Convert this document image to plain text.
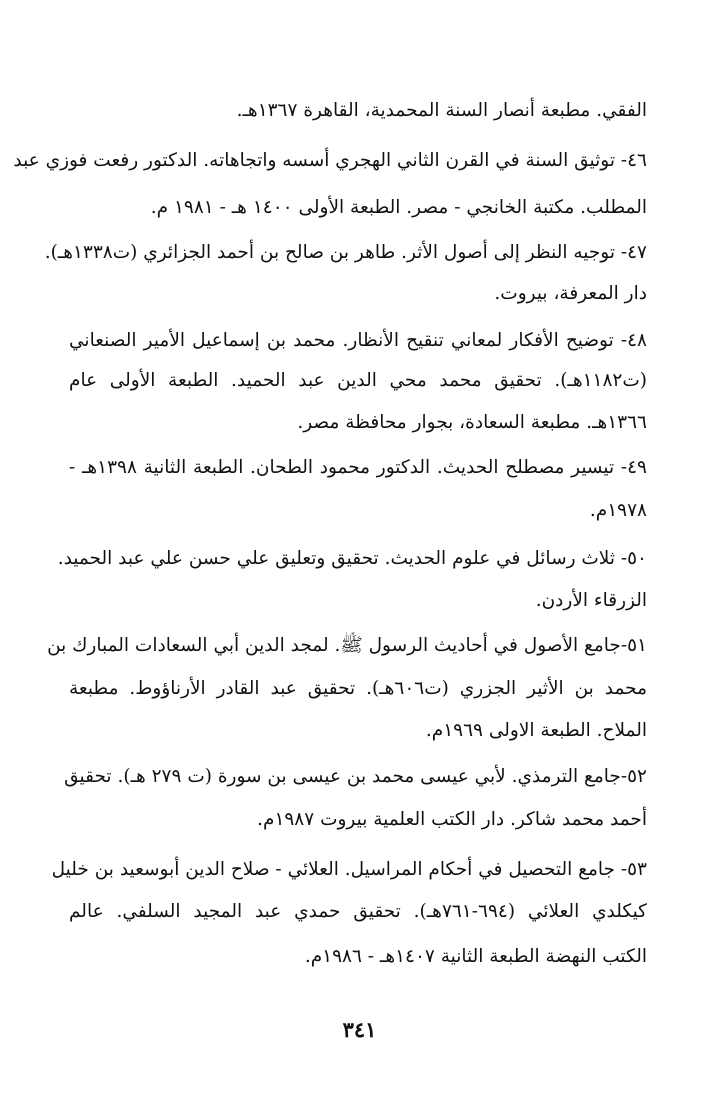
الفقي. مطبعة أنصار السنة المحمدية، القاهرة ١٣٦٧هـ.
٤٦- توثيق السنة في القرن الثاني الهجري أسسه واتجاهاته. الدكتور رفعت فوزي عبد
المطلب. مكتبة الخانجي - مصر. الطبعة الأولى ١٤٠٠ هـ - ١٩٨١ م.
٤٧- توجيه النظر إلى أصول الأثر. طاهر بن صالح بن أحمد الجزائري (ت١٣٣٨هـ).
دار المعرفة، بيروت.
٤٨- توضيح الأفكار لمعاني تنقيح الأنظار. محمد بن إسماعيل الأمير الصنعاني
(ت١١٨٢هـ). تحقيق محمد محي الدين عبد الحميد. الطبعة الأولى عام
١٣٦٦هـ. مطبعة السعادة، بجوار محافظة مصر.
٤٩- تيسير مصطلح الحديث. الدكتور محمود الطحان. الطبعة الثانية ١٣٩٨هـ -
١٩٧٨م.
٥٠- ثلاث رسائل في علوم الحديث. تحقيق وتعليق علي حسن علي عبد الحميد.
الزرقاء الأردن.
٥١-جامع الأصول في أحاديث الرسول ﷺ. لمجد الدين أبي السعادات المبارك بن
محمد بن الأثير الجزري (ت٦٠٦هـ). تحقيق عبد القادر الأرناؤوط. مطبعة
الملاح. الطبعة الاولى ١٩٦٩م.
٥٢-جامع الترمذي. لأبي عيسى محمد بن عيسى بن سورة (ت ٢٧٩ هـ). تحقيق
أحمد محمد شاكر. دار الكتب العلمية بيروت ١٩٨٧م.
٥٣- جامع التحصيل في أحكام المراسيل. العلائي - صلاح الدين أبوسعيد بن خليل
كيكلدي العلائي (٦٩٤-٧٦١هـ). تحقيق حمدي عبد المجيد السلفي. عالم
الكتب النهضة الطبعة الثانية ١٤٠٧هـ - ١٩٨٦م.
٣٤١
